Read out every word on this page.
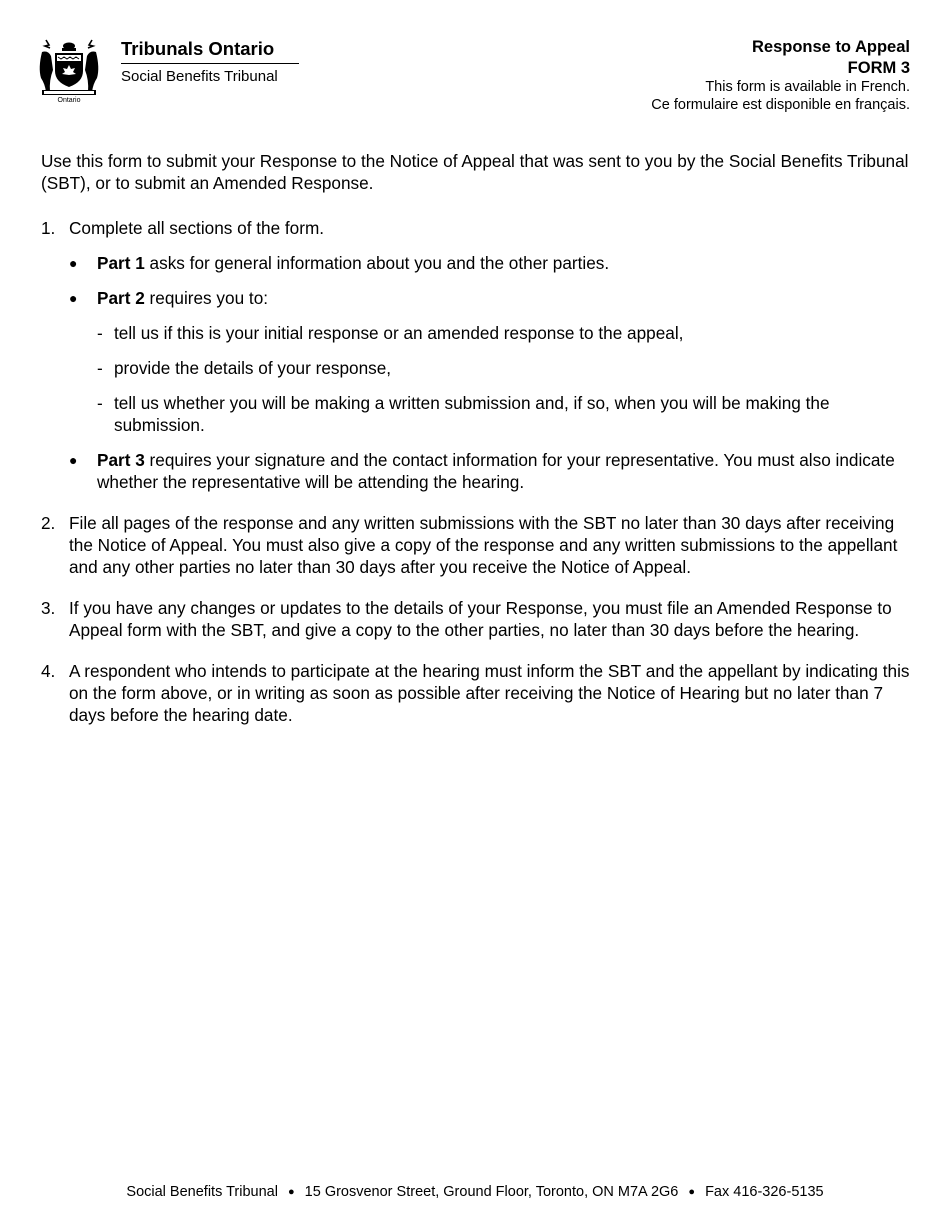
Ontario
Tribunals Ontario
Social Benefits Tribunal
Response to Appeal
FORM 3
This form is available in French.
Ce formulaire est disponible en français.

Use this form to submit your Response to the Notice of Appeal that was sent to you by the Social Benefits Tribunal (SBT), or to submit an Amended Response.

1. Complete all sections of the form.
● Part 1 asks for general information about you and the other parties.
● Part 2 requires you to:
- tell us if this is your initial response or an amended response to the appeal,
- provide the details of your response,
- tell us whether you will be making a written submission and, if so, when you will be making the submission.
● Part 3 requires your signature and the contact information for your representative. You must also indicate whether the representative will be attending the hearing.
2. File all pages of the response and any written submissions with the SBT no later than 30 days after receiving the Notice of Appeal. You must also give a copy of the response and any written submissions to the appellant and any other parties no later than 30 days after you receive the Notice of Appeal.
3. If you have any changes or updates to the details of your Response, you must file an Amended Response to Appeal form with the SBT, and give a copy to the other parties, no later than 30 days before the hearing.
4. A respondent who intends to participate at the hearing must inform the SBT and the appellant by indicating this on the form above, or in writing as soon as possible after receiving the Notice of Hearing but no later than 7 days before the hearing date.
Social Benefits Tribunal ● 15 Grosvenor Street, Ground Floor, Toronto, ON M7A 2G6 ● Fax 416-326-5135
